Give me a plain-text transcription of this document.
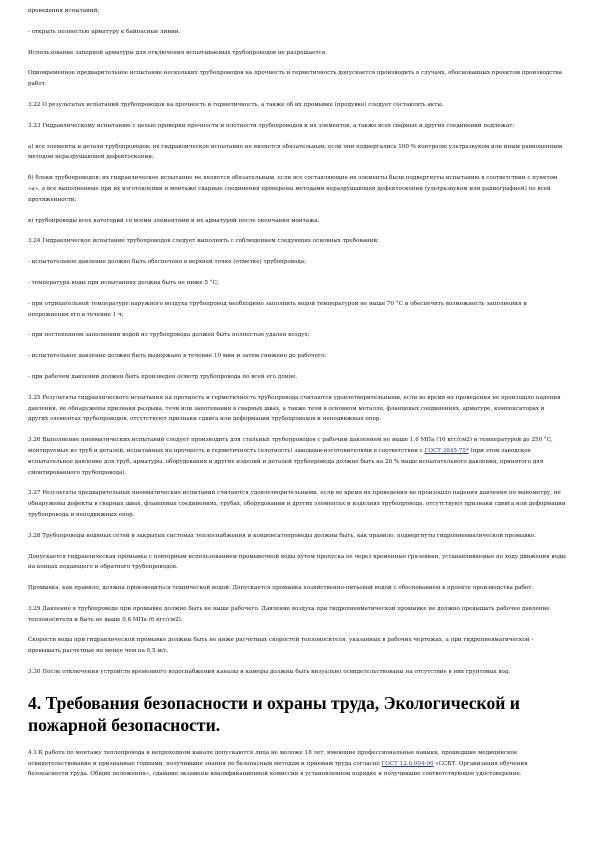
проведения испытаний;

- открыть полностью арматуру к байпасные линии.

Использование запорной арматуры для отключения испытываемых трубопроводов не разрешается.

Одновременное предварительное испытание нескольких трубопроводов на прочность и герметичность допускается производить в случаях, обоснованных проектом производства работ.

3.22 О результатах испытаний трубопроводов на прочность и герметичность, а также об их промывке (продувке) следует составлять акты.

3.23 Гидравлическому испытанию с целью проверки прочности и плотности трубопроводов и их элементов, а также всех сварных и других соединений подлежат:

а) все элементы и детали трубопроводов; их гидравлическое испытание не является обязательным, если они подвергались 100 % контролю ультразвуком или иным равноценным методом неразрушающей дефектоскопии;

б) блоки трубопроводов; их гидравлическое испытание не является обязательным, если все составляющие их элементы были подвергнуты испытанию в соответствии с пунктом «а», а все выполненные при их изготовлении и монтаже сварные соединения проверены методами неразрушающей дефектоскопии (ультразвуком или радиографией) по всей протяженности;

в) трубопроводы всех категорий со всеми элементами и их арматурой после окончания монтажа.

3.24 Гидравлическое испытание трубопроводов следует выполнять с соблюдением следующих основных требований:

- испытательное давление должно быть обеспечено в верхней точке (отметке) трубопровода;

- температура воды при испытаниях должна быть не ниже 5 °С;

- при отрицательной температуре наружного воздуха трубопровод необходимо заполнить водой температурой не выше 70 °С и обеспечить возможность заполнения и опорожнения его в течение 1 ч;

- при постепенном заполнении водой из трубопровода должен быть полностью удален воздух;

- испытательное давление должно быть выдержано в течение 10 мин и затем снижено до рабочего;

- при рабочем давлении должен быть произведен осмотр трубопровода по всей его длине.

3.25 Результаты гидравлического испытания на прочность и герметичность трубопровода считаются удовлетворительными, если во время их проведения не произошло падения давления, не обнаружены признаки разрыва, течи или запотевания в сварных швах, а также течи в основном металле, фланцевых соединениях, арматуре, компенсаторах и других элементах трубопроводов, отсутствуют признаки сдвига или деформации трубопроводов и неподвижных опор.

3.26 Выполнение пневматических испытаний следует производить для стальных трубопроводов с рабочим давлением не выше 1,6 МПа (16 кгс/см2) и температурой до 250 °С, монтируемых из труб и деталей, испытанных на прочность и герметичность (плотность) заводами-изготовителями в соответствии с ГОСТ 3845-75* (при этом заводское испытательное давление для труб, арматуры, оборудования и других изделий и деталей трубопровода должно быть на 20 % выше испытательного давления, принятого для смонтированного трубопровода).

3.27 Результаты предварительных пневматических испытаний считаются удовлетворительными, если во время их проведения не произошло падения давления по манометру, не обнаружены дефекты в сварных швах, фланцевых соединениях, трубах, оборудовании и других элементах и изделиях трубопровода, отсутствуют признаки сдвига или деформации трубопровода и неподвижных опор.

3.28 Трубопроводы водяных сетей в закрытых системах теплоснабжения и конденсатопроводы должны быть, как правило, подвергнуты гидропневматической промывке.

Допускается гидравлическая промывка с повторным использованием промывочной воды путем пропуска ее через временные грязевики, устанавливаемые по ходу движения воды на концах подающего и обратного трубопроводов.

Промывка, как правило, должна производиться технической водой. Допускается промывка хозяйственно-питьевой водой с обоснованием в проекте производства работ.

3.29 Давление в трубопроводе при промывке должно быть не выше рабочего. Давление воздуха при гидропневматической промывке не должно превышать рабочее давление теплоносителя и быть не выше 0,6 МПа (6 кгс/см2).

Скорости воды при гидравлической промывке должны быть не ниже расчетных скоростей теплоносителя, указанных в рабочих чертежах, а при гидропневматической - превышать расчетные не менее чем на 0,5 м/с.

3.30 После отключения устройств временного водоснабжения каналы и камеры должны быть визуально освидетельствованы на отсутствие в них грунтовых вод.

4. Требования безопасности и охраны труда, Экологической и пожарной безопасности.

4.1 К работе по монтажу теплопровода в непроходном канале допускаются лица не моложе 18 лет, имеющие профессиональные навыки, прошедшие медицинское освидетельствование и признанные годными, получившие знания по безопасным методам и приемам труда согласно ГОСТ 12.0.004-90 «ССБТ. Организация обучения безопасности труда. Общие положения», сдавшие экзамены квалификационной комиссии в установленном порядке и получившие соответствующее удостоверение.
